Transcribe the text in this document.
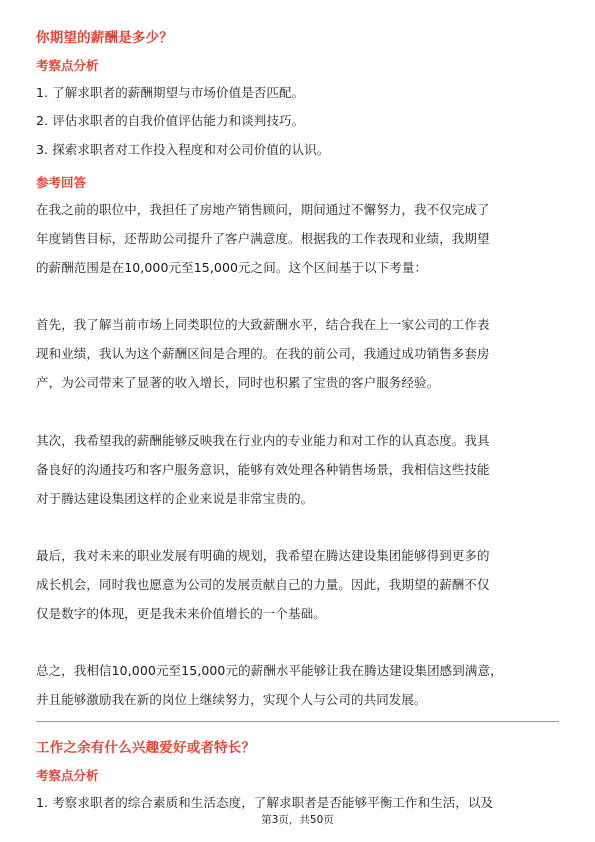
你期望的薪酬是多少？
考察点分析
1. 了解求职者的薪酬期望与市场价值是否匹配。
2. 评估求职者的自我价值评估能力和谈判技巧。
3. 探索求职者对工作投入程度和对公司价值的认识。
参考回答
在我之前的职位中，我担任了房地产销售顾问，期间通过不懈努力，我不仅完成了
年度销售目标，还帮助公司提升了客户满意度。根据我的工作表现和业绩，我期望
的薪酬范围是在10,000元至15,000元之间。这个区间基于以下考量：
首先，我了解当前市场上同类职位的大致薪酬水平，结合我在上一家公司的工作表
现和业绩，我认为这个薪酬区间是合理的。在我的前公司，我通过成功销售多套房
产，为公司带来了显著的收入增长，同时也积累了宝贵的客户服务经验。
其次，我希望我的薪酬能够反映我在行业内的专业能力和对工作的认真态度。我具
备良好的沟通技巧和客户服务意识，能够有效处理各种销售场景，我相信这些技能
对于腾达建设集团这样的企业来说是非常宝贵的。
最后，我对未来的职业发展有明确的规划，我希望在腾达建设集团能够得到更多的
成长机会，同时我也愿意为公司的发展贡献自己的力量。因此，我期望的薪酬不仅
仅是数字的体现，更是我未来价值增长的一个基础。
总之，我相信10,000元至15,000元的薪酬水平能够让我在腾达建设集团感到满意，
并且能够激励我在新的岗位上继续努力，实现个人与公司的共同发展。
工作之余有什么兴趣爱好或者特长？
考察点分析
1. 考察求职者的综合素质和生活态度，了解求职者是否能够平衡工作和生活，以及
第3页，共50页
